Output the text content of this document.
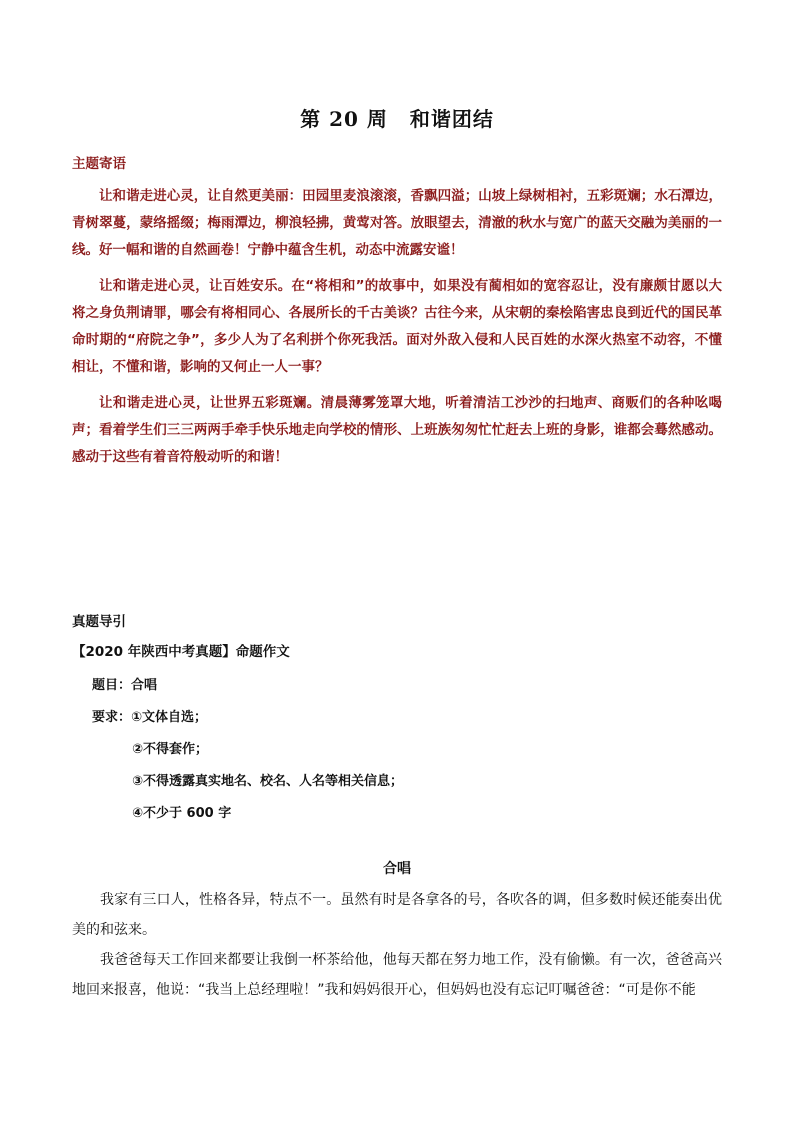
第 20 周 和谐团结
主题寄语

让和谐走进心灵，让自然更美丽：田园里麦浪滚滚，香飘四溢；山坡上绿树相衬，五彩斑斓；水石潭边，青树翠蔓，蒙络摇缀；梅雨潭边，柳浪轻拂，黄莺对答。放眼望去，清澈的秋水与宽广的蓝天交融为美丽的一线。好一幅和谐的自然画卷！宁静中蕴含生机，动态中流露安谧！

让和谐走进心灵，让百姓安乐。在“将相和”的故事中，如果没有蔺相如的宽容忍让，没有廉颇甘愿以大将之身负荆请罪，哪会有将相同心、各展所长的千古美谈？古往今来，从宋朝的秦桧陷害忠良到近代的国民革命时期的“府院之争”，多少人为了名利拼个你死我活。面对外敌入侵和人民百姓的水深火热室不动容，不懂相让，不懂和谐，影响的又何止一人一事？

让和谐走进心灵，让世界五彩斑斓。清晨薄雾笼罩大地，听着清洁工沙沙的扫地声、商贩们的各种吆喝声；看着学生们三三两两手牵手快乐地走向学校的情形、上班族匆匆忙忙赶去上班的身影，谁都会蓦然感动。感动于这些有着音符般动听的和谐！

真题导引
【2020 年陕西中考真题】命题作文
题目：合唱
要求：①文体自选；
②不得套作；
③不得透露真实地名、校名、人名等相关信息；
④不少于 600 字
合唱

我家有三口人，性格各异，特点不一。虽然有时是各拿各的号，各吹各的调，但多数时候还能奏出优美的和弦来。

我爸爸每天工作回来都要让我倒一杯茶给他，他每天都在努力地工作，没有偷懒。有一次，爸爸高兴地回来报喜，他说：“我当上总经理啦！”我和妈妈很开心，但妈妈也没有忘记叮嘱爸爸：“可是你不能
